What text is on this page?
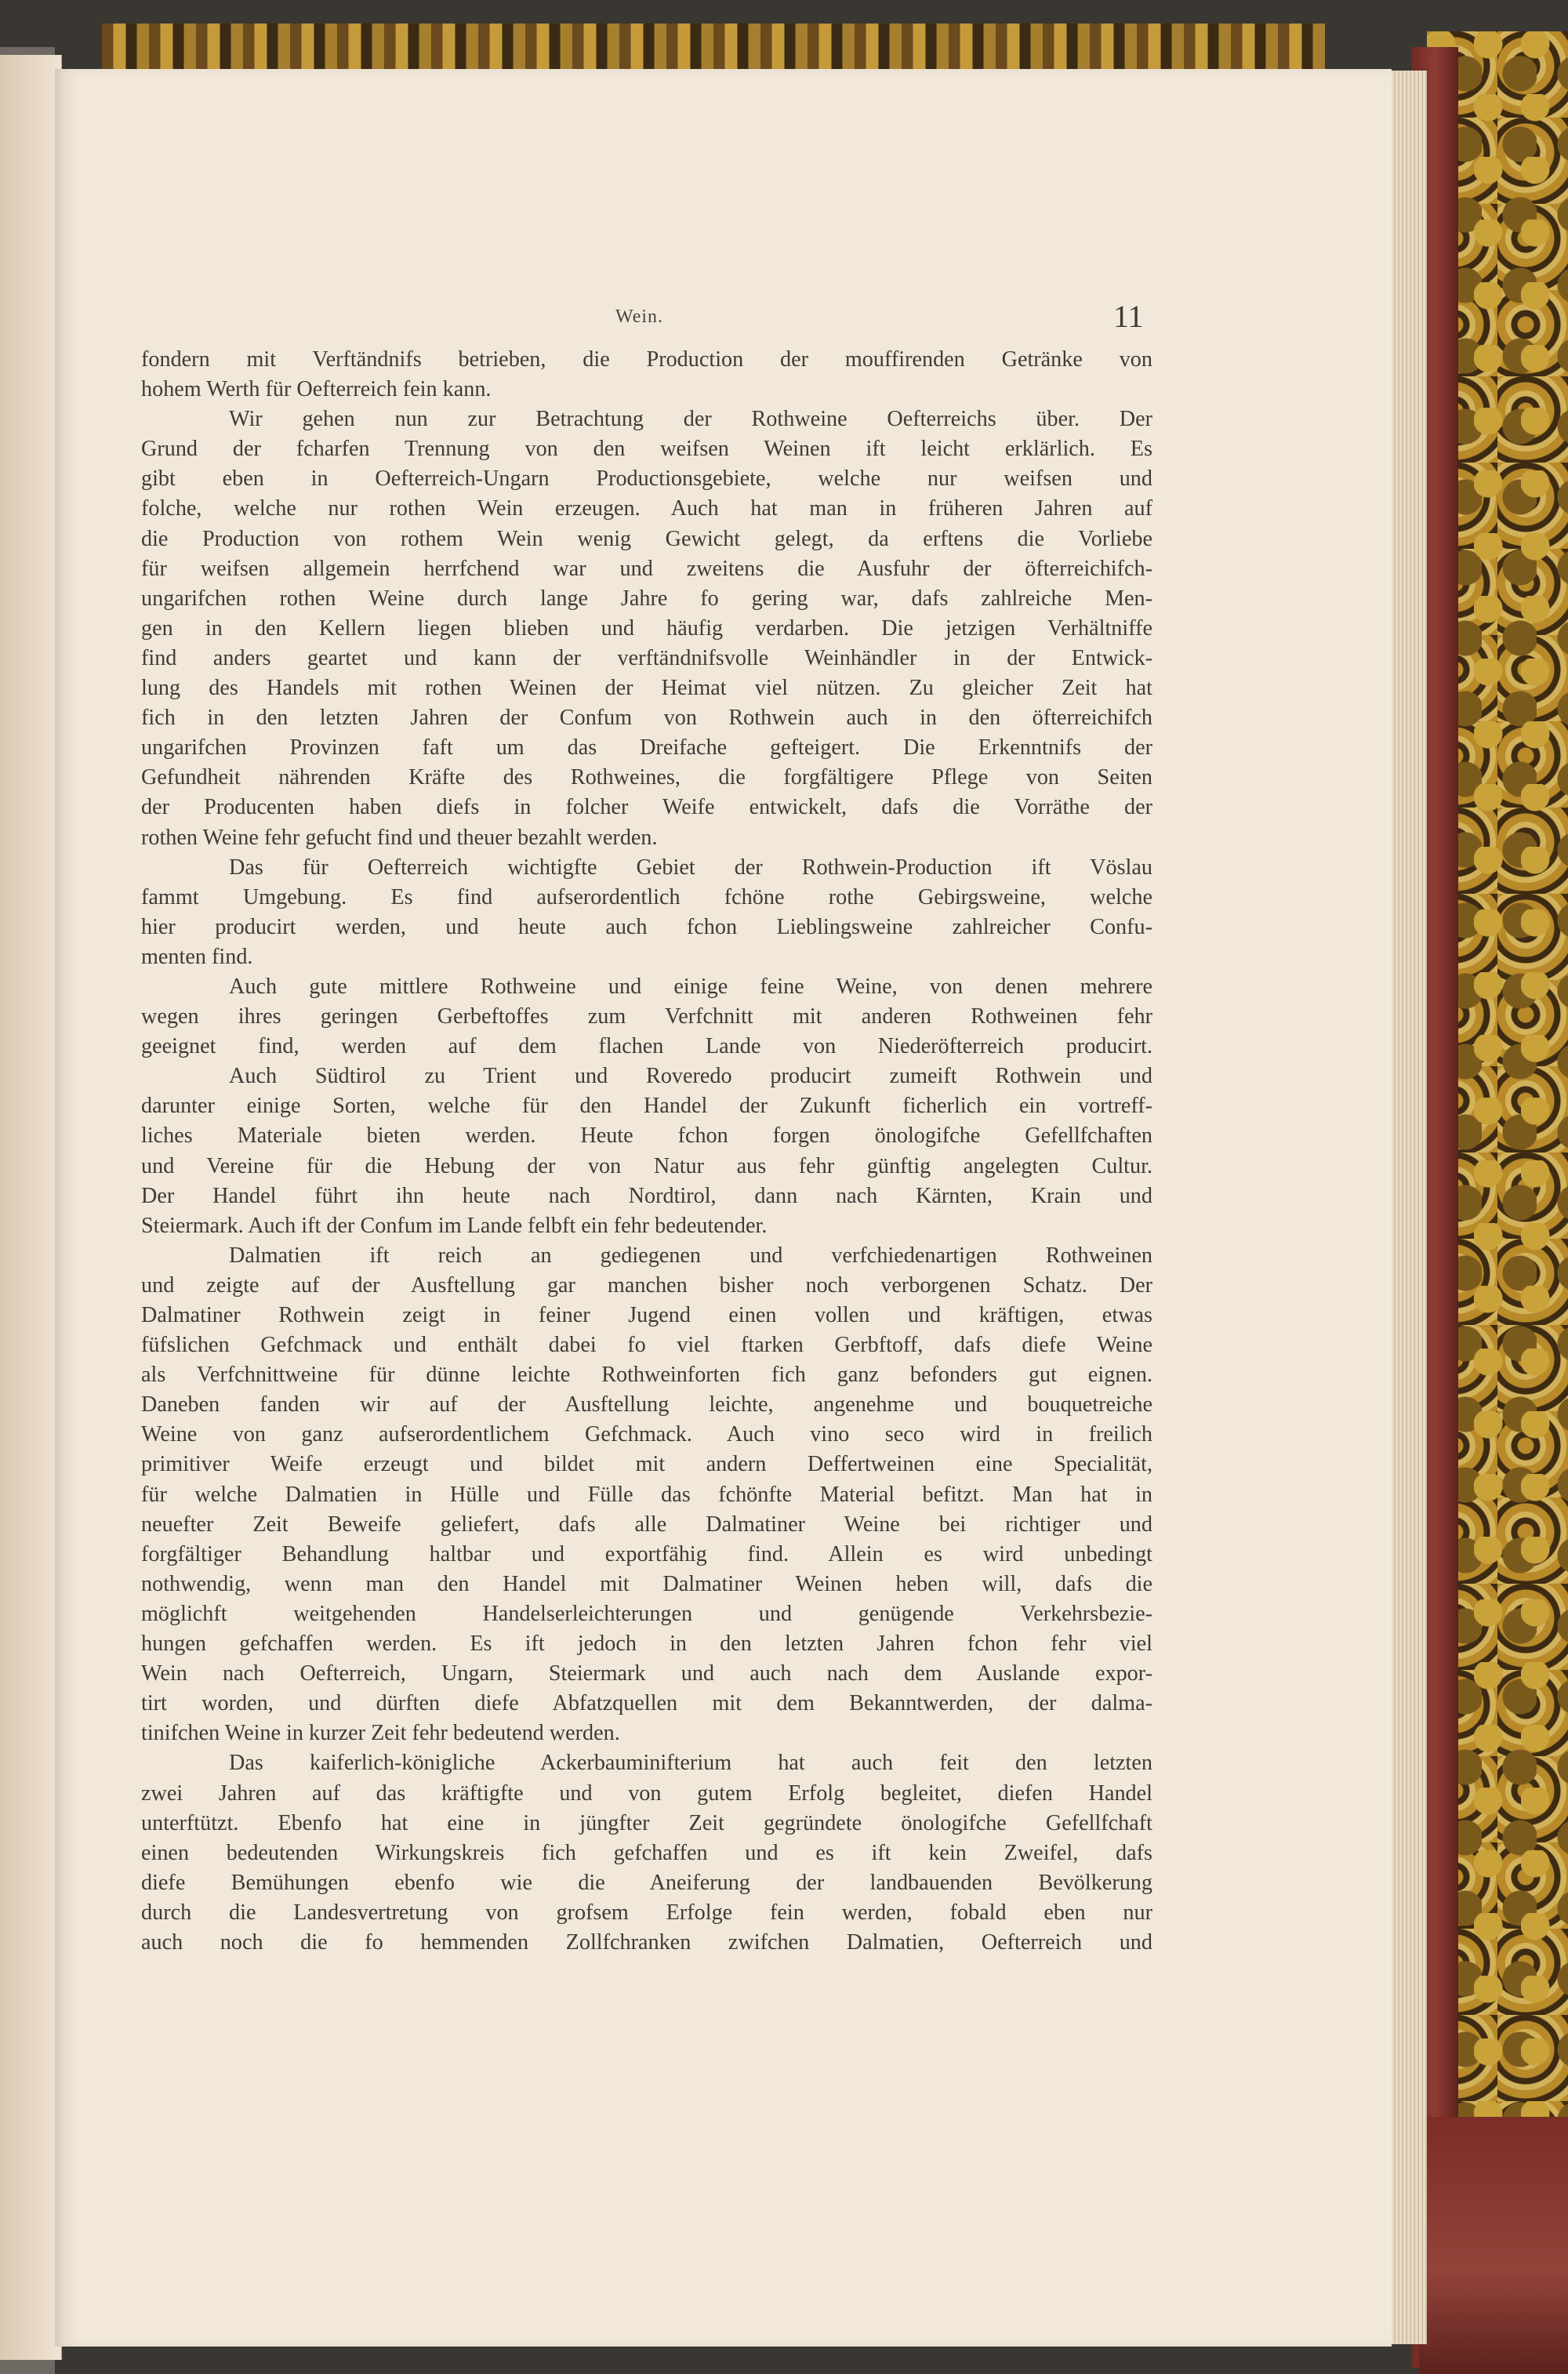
Wein.	11
fondern mit Verftändnifs betrieben, die Production der mouffirenden Getränke von
hohem Werth für Oefterreich fein kann.
Wir gehen nun zur Betrachtung der Rothweine Oefterreichs über. Der
Grund der fcharfen Trennung von den weifsen Weinen ift leicht erklärlich. Es
gibt eben in Oefterreich-Ungarn Productionsgebiete, welche nur weifsen und
folche, welche nur rothen Wein erzeugen. Auch hat man in früheren Jahren auf
die Production von rothem Wein wenig Gewicht gelegt, da erftens die Vorliebe
für weifsen allgemein herrfchend war und zweitens die Ausfuhr der öfterreichifch-
ungarifchen rothen Weine durch lange Jahre fo gering war, dafs zahlreiche Men-
gen in den Kellern liegen blieben und häufig verdarben. Die jetzigen Verhältniffe
find anders geartet und kann der verftändnifsvolle Weinhändler in der Entwick-
lung des Handels mit rothen Weinen der Heimat viel nützen. Zu gleicher Zeit hat
fich in den letzten Jahren der Confum von Rothwein auch in den öfterreichifch
ungarifchen Provinzen faft um das Dreifache gefteigert. Die Erkenntnifs der
Gefundheit nährenden Kräfte des Rothweines, die forgfältigere Pflege von Seiten
der Producenten haben diefs in folcher Weife entwickelt, dafs die Vorräthe der
rothen Weine fehr gefucht find und theuer bezahlt werden.
Das für Oefterreich wichtigfte Gebiet der Rothwein-Production ift Vöslau
fammt Umgebung. Es find aufserordentlich fchöne rothe Gebirgsweine, welche
hier producirt werden, und heute auch fchon Lieblingsweine zahlreicher Confu-
menten find.
Auch gute mittlere Rothweine und einige feine Weine, von denen mehrere
wegen ihres geringen Gerbeftoffes zum Verfchnitt mit anderen Rothweinen fehr
geeignet find, werden auf dem flachen Lande von Niederöfterreich producirt.
Auch Südtirol zu Trient und Roveredo producirt zumeift Rothwein und
darunter einige Sorten, welche für den Handel der Zukunft ficherlich ein vortreff-
liches Materiale bieten werden. Heute fchon forgen önologifche Gefellfchaften
und Vereine für die Hebung der von Natur aus fehr günftig angelegten Cultur.
Der Handel führt ihn heute nach Nordtirol, dann nach Kärnten, Krain und
Steiermark. Auch ift der Confum im Lande felbft ein fehr bedeutender.
Dalmatien ift reich an gediegenen und verfchiedenartigen Rothweinen
und zeigte auf der Ausftellung gar manchen bisher noch verborgenen Schatz. Der
Dalmatiner Rothwein zeigt in feiner Jugend einen vollen und kräftigen, etwas
füfslichen Gefchmack und enthält dabei fo viel ftarken Gerbftoff, dafs diefe Weine
als Verfchnittweine für dünne leichte Rothweinforten fich ganz befonders gut eignen.
Daneben fanden wir auf der Ausftellung leichte, angenehme und bouquetreiche
Weine von ganz aufserordentlichem Gefchmack. Auch vino seco wird in freilich
primitiver Weife erzeugt und bildet mit andern Deffertweinen eine Specialität,
für welche Dalmatien in Hülle und Fülle das fchönfte Material befitzt. Man hat in
neuefter Zeit Beweife geliefert, dafs alle Dalmatiner Weine bei richtiger und
forgfältiger Behandlung haltbar und exportfähig find. Allein es wird unbedingt
nothwendig, wenn man den Handel mit Dalmatiner Weinen heben will, dafs die
möglichft weitgehenden Handelserleichterungen und genügende Verkehrsbezie-
hungen gefchaffen werden. Es ift jedoch in den letzten Jahren fchon fehr viel
Wein nach Oefterreich, Ungarn, Steiermark und auch nach dem Auslande expor-
tirt worden, und dürften diefe Abfatzquellen mit dem Bekanntwerden, der dalma-
tinifchen Weine in kurzer Zeit fehr bedeutend werden.
Das kaiferlich-königliche Ackerbauminifterium hat auch feit den letzten
zwei Jahren auf das kräftigfte und von gutem Erfolg begleitet, diefen Handel
unterftützt. Ebenfo hat eine in jüngfter Zeit gegründete önologifche Gefellfchaft
einen bedeutenden Wirkungskreis fich gefchaffen und es ift kein Zweifel, dafs
diefe Bemühungen ebenfo wie die Aneiferung der landbauenden Bevölkerung
durch die Landesvertretung von grofsem Erfolge fein werden, fobald eben nur
auch noch die fo hemmenden Zollfchranken zwifchen Dalmatien, Oefterreich und
